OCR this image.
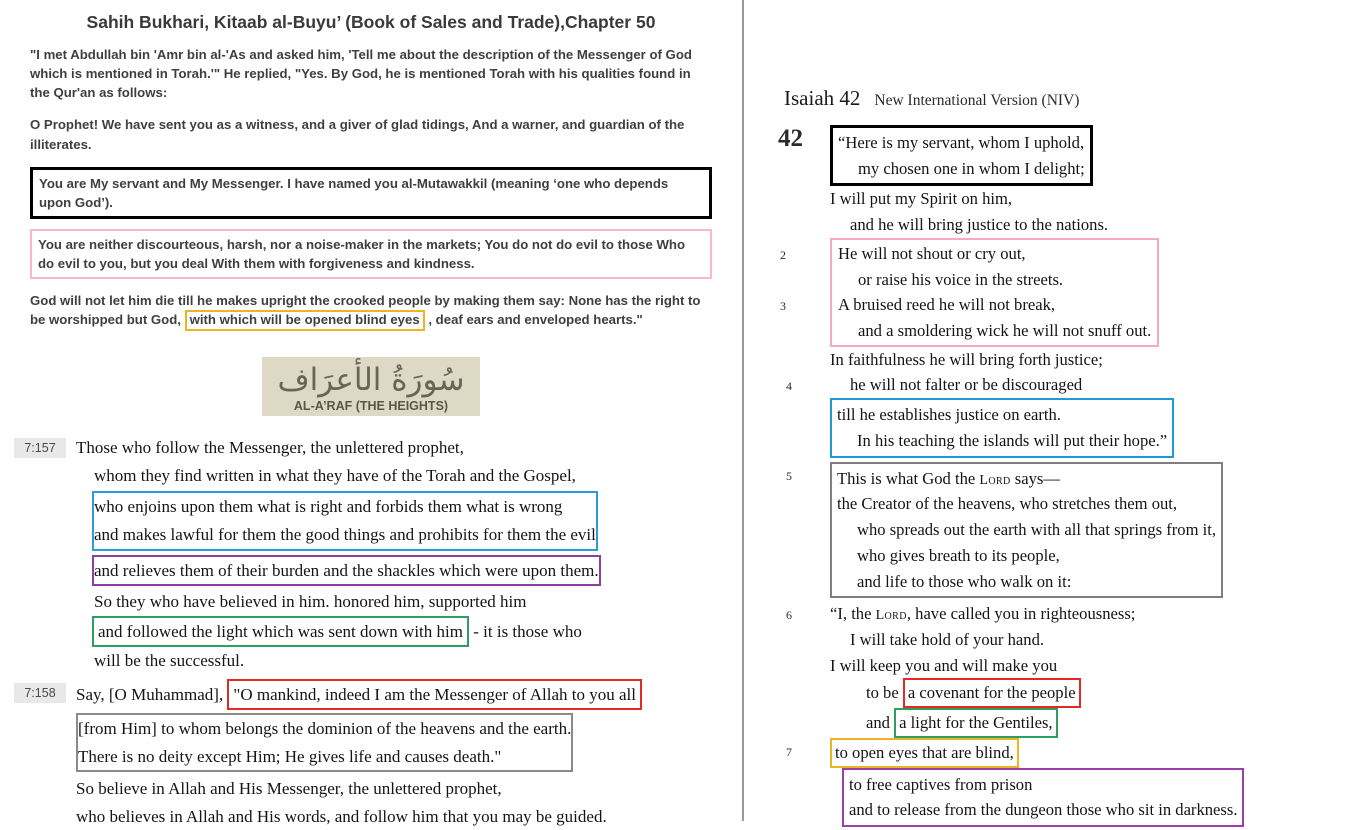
Sahih Bukhari, Kitaab al-Buyu’ (Book of Sales and Trade),Chapter 50

"I met Abdullah bin 'Amr bin al-'As and asked him, 'Tell me about the description of the Messenger of God which is mentioned in Torah.'" He replied, "Yes. By God, he is mentioned Torah with his qualities found in the Qur'an as follows:

O Prophet! We have sent you as a witness, and a giver of glad tidings, And a warner, and guardian of the illiterates.

You are My servant and My Messenger. I have named you al-Mutawakkil (meaning ‘one who depends upon God’).
You are neither discourteous, harsh, nor a noise-maker in the markets; You do not do evil to those Who do evil to you, but you deal With them with forgiveness and kindness.

God will not let him die till he makes upright the crooked people by making them say: None has the right to be worshipped but God, with which will be opened blind eyes , deaf ears and enveloped hearts."

سُورَةُ الأعرَاف
AL-A’RAF (THE HEIGHTS)
7:157	Those who follow the Messenger, the unlettered prophet,
whom they find written in what they have of the Torah and the Gospel,
who enjoins upon them what is right and forbids them what is wrong
and makes lawful for them the good things and prohibits for them the evil

and relieves them of their burden and the shackles which were upon them.
So they who have believed in him. honored him, supported him
and followed the light which was sent down with him - it is those who
will be the successful.
7:158	Say, [O Muhammad], "O mankind, indeed I am the Messenger of Allah to you all
[from Him] to whom belongs the dominion of the heavens and the earth.
There is no deity except Him; He gives life and causes death."
So believe in Allah and His Messenger, the unlettered prophet,
who believes in Allah and His words, and follow him that you may be guided.
Isaiah 42 New International Version (NIV)
42	“Here is my servant, whom I uphold,
my chosen one in whom I delight;
I will put my Spirit on him,
and he will bring justice to the nations.
2	He will not shout or cry out,
or raise his voice in the streets.
3	A bruised reed he will not break,
and a smoldering wick he will not snuff out.
In faithfulness he will bring forth justice;
4	he will not falter or be discouraged
till he establishes justice on earth.
In his teaching the islands will put their hope.”
5	This is what God the Lord says—
the Creator of the heavens, who stretches them out,
who spreads out the earth with all that springs from it,
who gives breath to its people,
and life to those who walk on it:
6	“I, the Lord, have called you in righteousness;
I will take hold of your hand.
I will keep you and will make you
to be a covenant for the people
and a light for the Gentiles,
7	to open eyes that are blind,
to free captives from prison
and to release from the dungeon those who sit in darkness.
